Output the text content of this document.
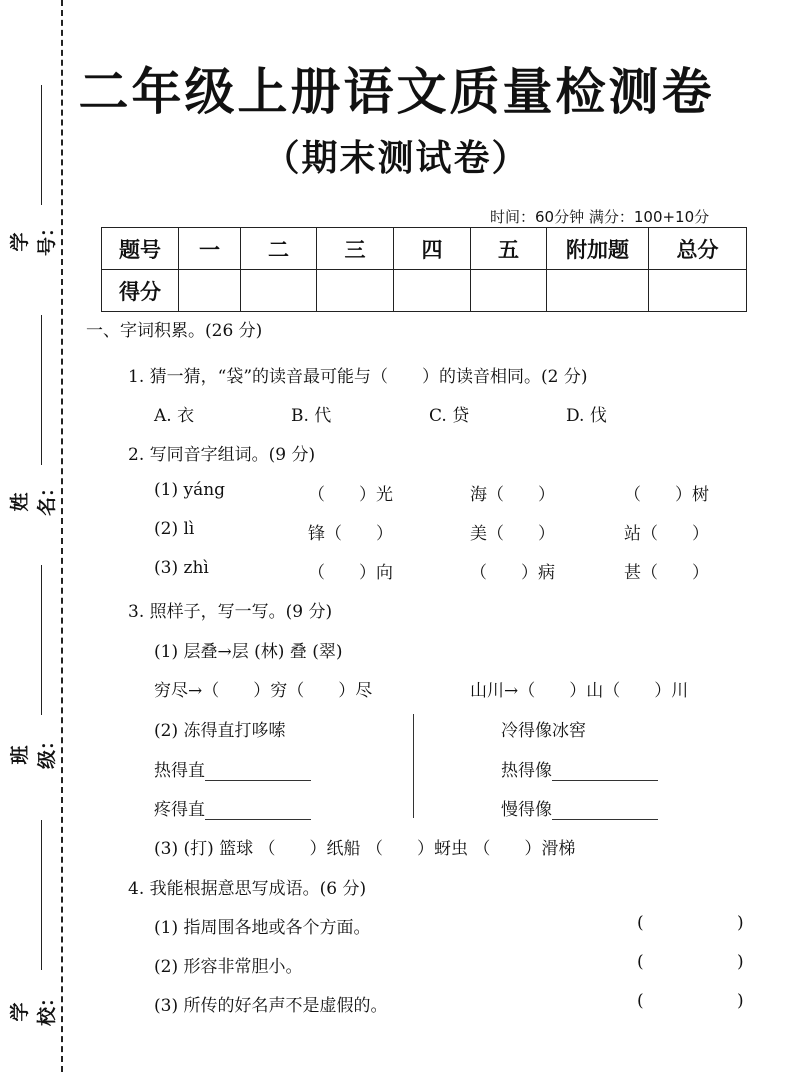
学号：
姓名：
班级：
学校：
二年级上册语文质量检测卷
（期末测试卷）
时间：60分钟 满分：100+10分
题号	一	二	三	四	五	附加题	总分
得分							
一、字词积累。(26 分)
1. 猜一猜，“袋”的读音最可能与（　　）的读音相同。(2 分)
A. 衣	B. 代	C. 贷	D. 伐
2. 写同音字组词。(9 分)
(1) yáng	（　　）光	海（　　）	（　　）树
(2) lì	锋（　　）	美（　　）	站（　　）
(3) zhì	（　　）向	（　　）病	甚（　　）
3. 照样子，写一写。(9 分)
(1) 层叠→层 (林) 叠 (翠)
穷尽→（　　）穷（　　）尽	山川→（　　）山（　　）川
(2) 冻得直打哆嗦
热得直
疼得直
冷得像冰窖
热得像
慢得像
(3) (打) 篮球 （　　）纸船 （　　）蚜虫 （　　）滑梯
4. 我能根据意思写成语。(6 分)
(1) 指周围各地或各个方面。	(	)
(2) 形容非常胆小。	(	)
(3) 所传的好名声不是虚假的。	(	)
